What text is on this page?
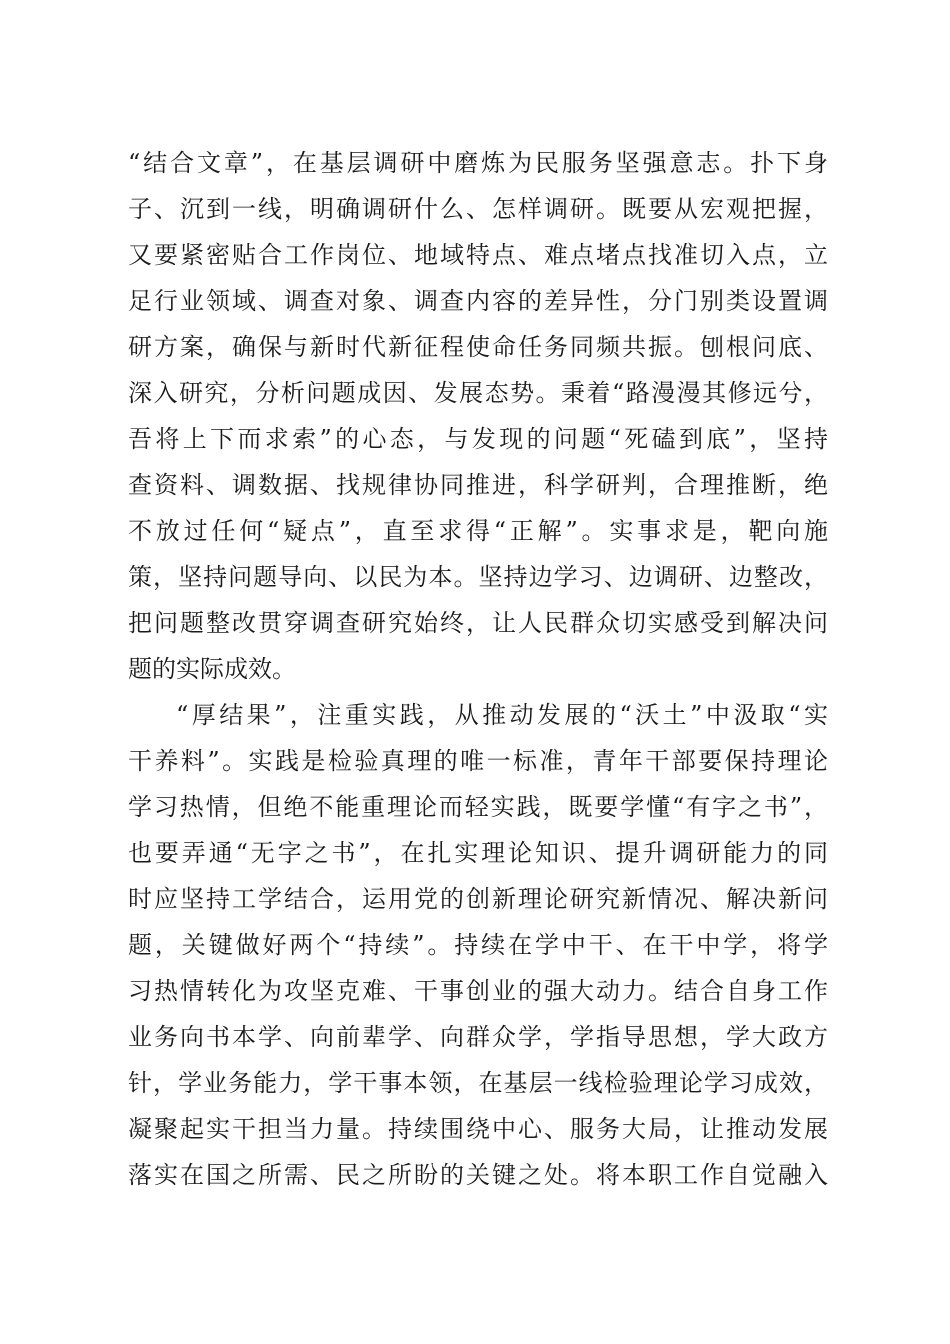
“结合文章”，在基层调研中磨炼为民服务坚强意志。扑下身
子、沉到一线，明确调研什么、怎样调研。既要从宏观把握，
又要紧密贴合工作岗位、地域特点、难点堵点找准切入点，立
足行业领域、调查对象、调查内容的差异性，分门别类设置调
研方案，确保与新时代新征程使命任务同频共振。刨根问底、
深入研究，分析问题成因、发展态势。秉着“路漫漫其修远兮，
吾将上下而求索”的心态，与发现的问题“死磕到底”，坚持
查资料、调数据、找规律协同推进，科学研判，合理推断，绝
不放过任何“疑点”，直至求得“正解”。实事求是，靶向施
策，坚持问题导向、以民为本。坚持边学习、边调研、边整改，
把问题整改贯穿调查研究始终，让人民群众切实感受到解决问
题的实际成效。
“厚结果”，注重实践，从推动发展的“沃土”中汲取“实
干养料”。实践是检验真理的唯一标准，青年干部要保持理论
学习热情，但绝不能重理论而轻实践，既要学懂“有字之书”，
也要弄通“无字之书”，在扎实理论知识、提升调研能力的同
时应坚持工学结合，运用党的创新理论研究新情况、解决新问
题，关键做好两个“持续”。持续在学中干、在干中学，将学
习热情转化为攻坚克难、干事创业的强大动力。结合自身工作
业务向书本学、向前辈学、向群众学，学指导思想，学大政方
针，学业务能力，学干事本领，在基层一线检验理论学习成效，
凝聚起实干担当力量。持续围绕中心、服务大局，让推动发展
落实在国之所需、民之所盼的关键之处。将本职工作自觉融入
